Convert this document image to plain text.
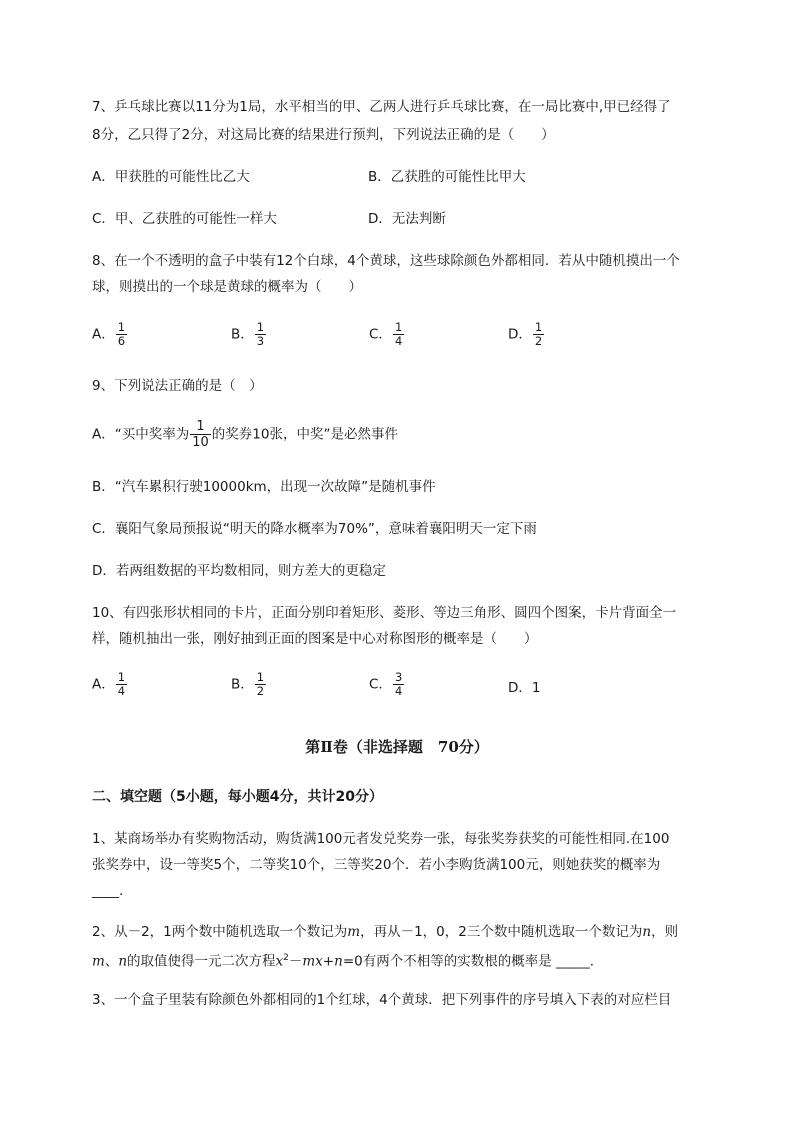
7、乒乓球比赛以11分为1局，水平相当的甲、乙两人进行乒乓球比赛，在一局比赛中,甲已经得了
8分，乙只得了2分，对这局比赛的结果进行预判，下列说法正确的是（　　）
A．甲获胜的可能性比乙大	B．乙获胜的可能性比甲大
C．甲、乙获胜的可能性一样大	D．无法判断
8、在一个不透明的盒子中装有12个白球，4个黄球，这些球除颜色外都相同．若从中随机摸出一个
球，则摸出的一个球是黄球的概率为（　　）
A． $\frac{1}{6}$	B． $\frac{1}{3}$	C． $\frac{1}{4}$	D． $\frac{1}{2}$
9、下列说法正确的是（　）
A．“买中奖率为 $\frac{1}{10}$ 的奖券10张，中奖”是必然事件
B．“汽车累积行驶10000km，出现一次故障”是随机事件
C．襄阳气象局预报说“明天的降水概率为70%”，意味着襄阳明天一定下雨
D．若两组数据的平均数相同，则方差大的更稳定
10、有四张形状相同的卡片，正面分别印着矩形、菱形、等边三角形、圆四个图案，卡片背面全一
样，随机抽出一张，刚好抽到正面的图案是中心对称图形的概率是（　　）
A． $\frac{1}{4}$	B． $\frac{1}{2}$	C． $\frac{3}{4}$	D．1
第Ⅱ卷（非选择题　70分）
二、填空题（5小题，每小题4分，共计20分）
1、某商场举办有奖购物活动，购货满100元者发兑奖券一张，每张奖券获奖的可能性相同.在100
张奖券中，设一等奖5个，二等奖10个，三等奖20个．若小李购货满100元，则她获奖的概率为
____.
2、从－2，1两个数中随机选取一个数记为m，再从－1，0，2三个数中随机选取一个数记为n，则
m、n的取值使得一元二次方程$x^2-mx+n=0$有两个不相等的实数根的概率是 _____.
3、一个盒子里装有除颜色外都相同的1个红球，4个黄球．把下列事件的序号填入下表的对应栏目
